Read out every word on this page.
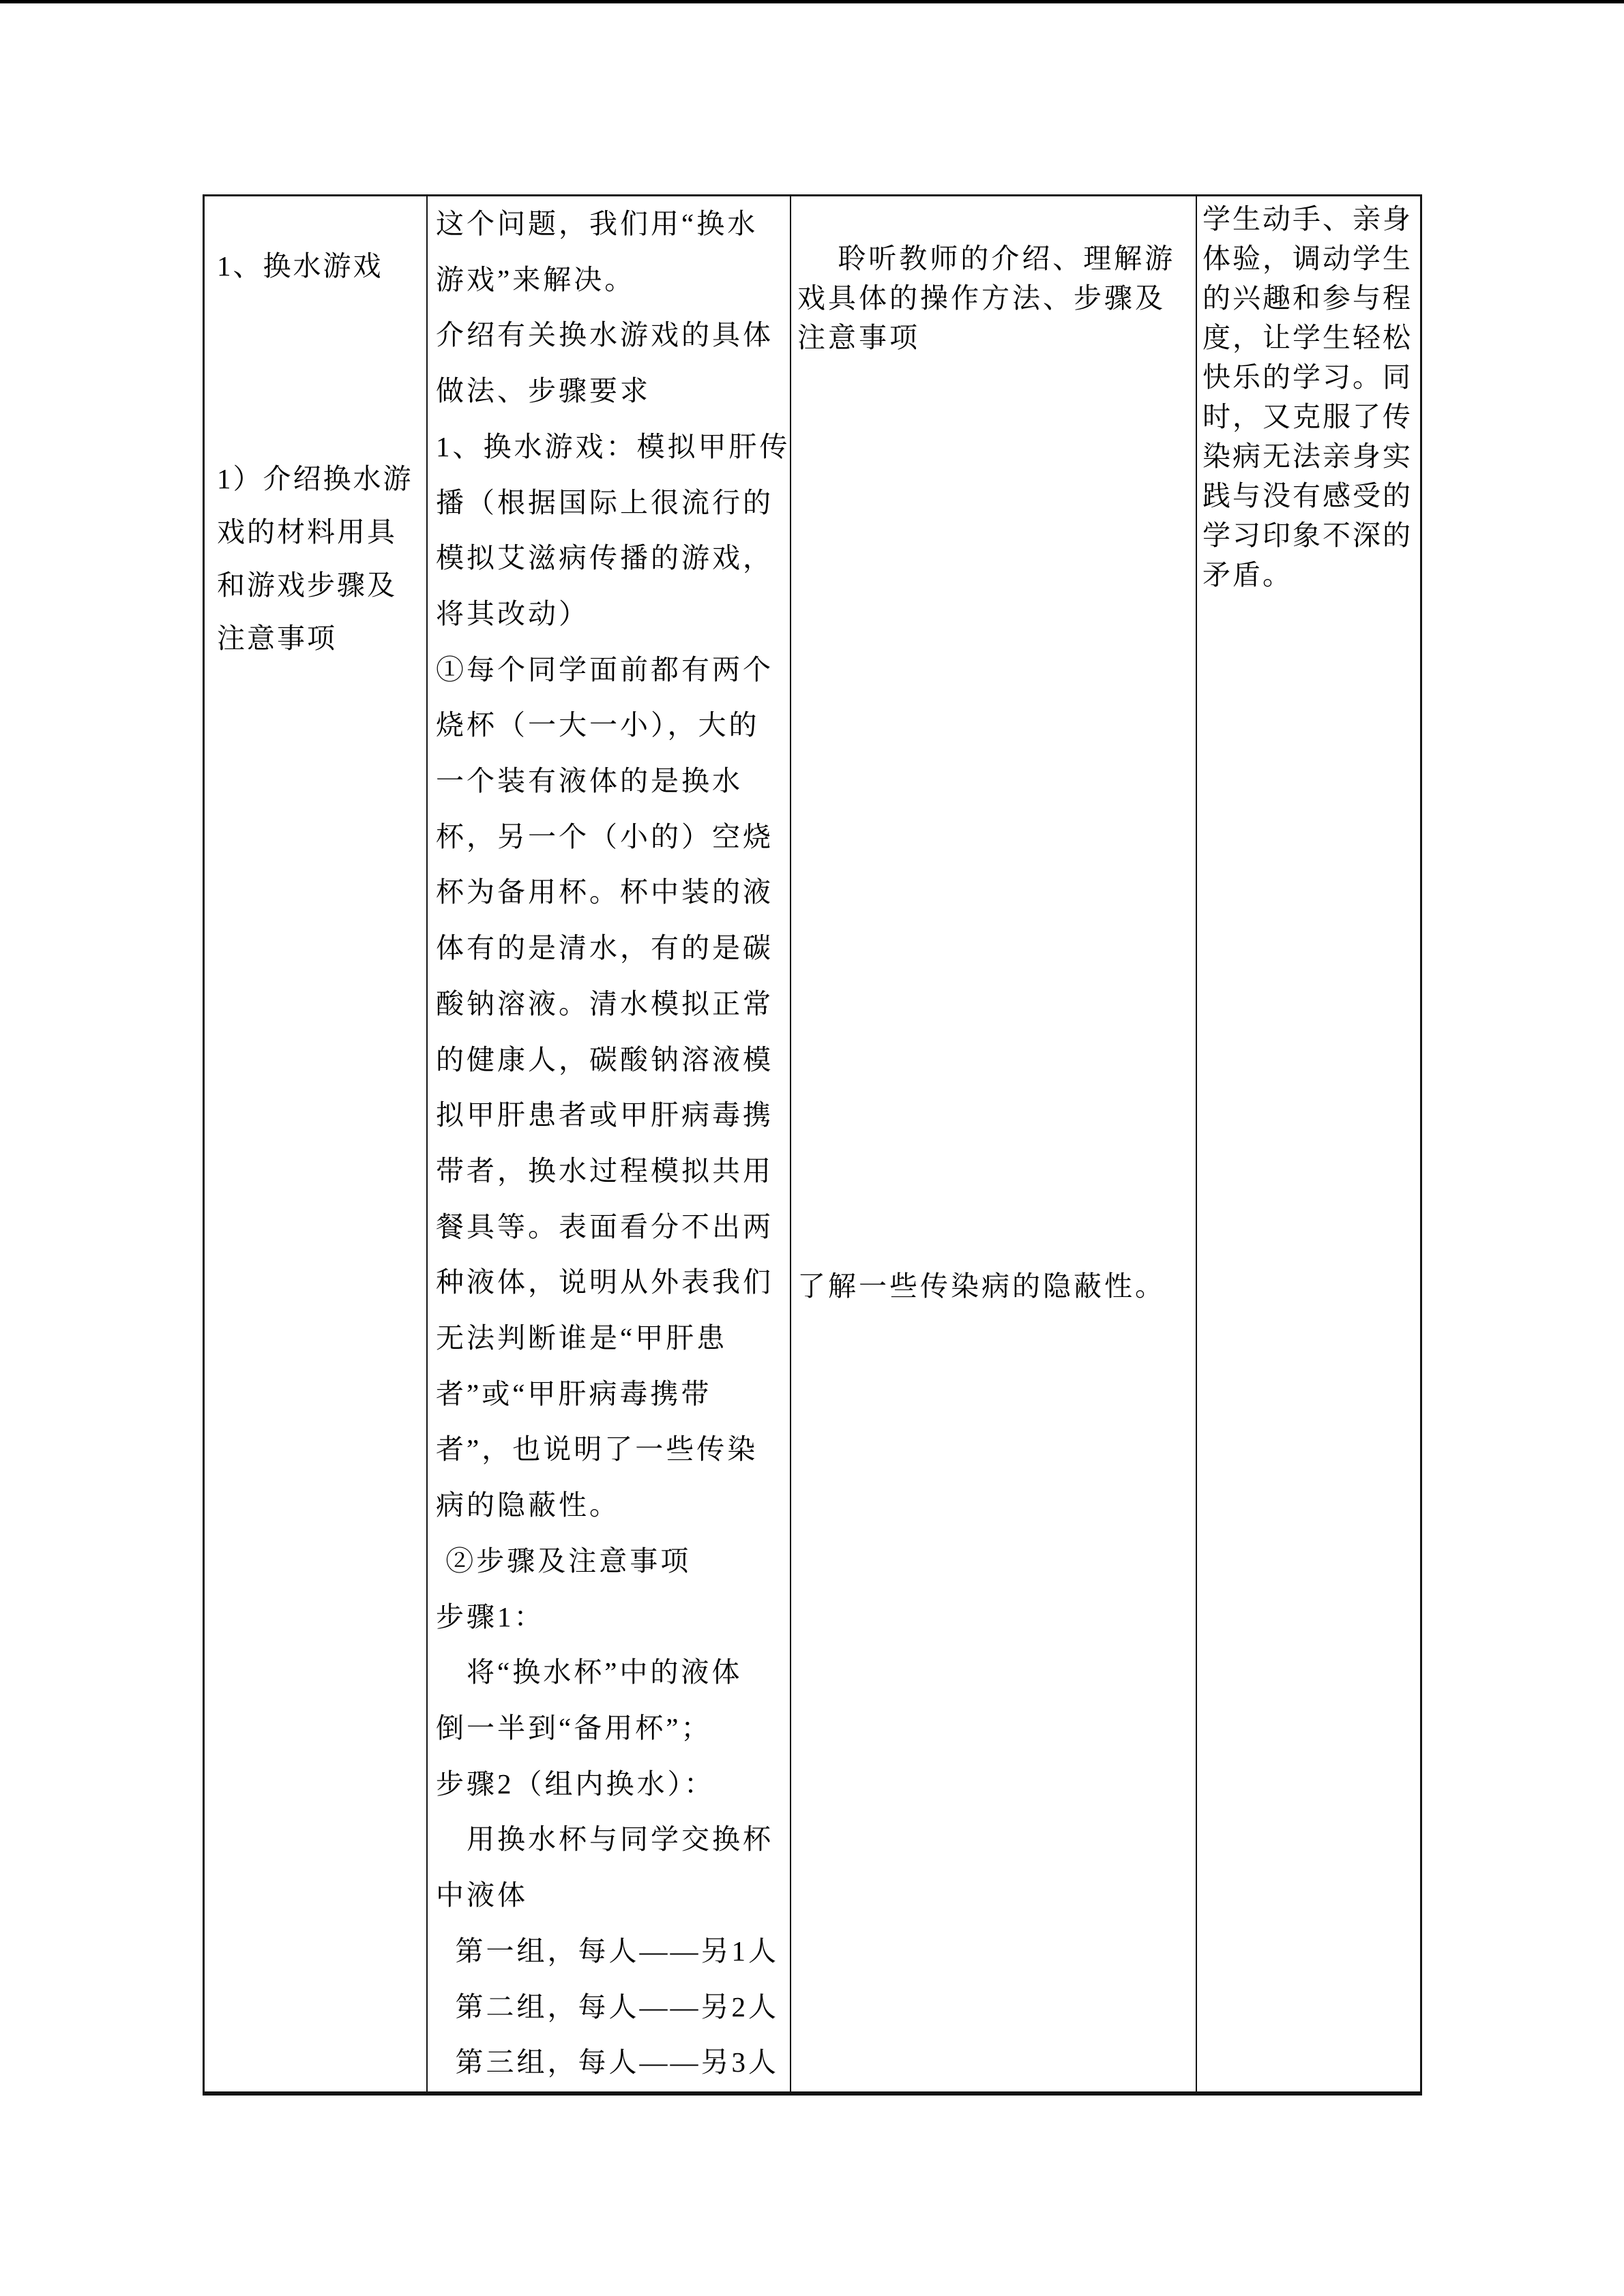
1、换水游戏
1）介绍换水游
戏的材料用具
和游戏步骤及
注意事项
这个问题，我们用“换水
游戏”来解决。
介绍有关换水游戏的具体
做法、步骤要求
1、换水游戏：模拟甲肝传
播（根据国际上很流行的
模拟艾滋病传播的游戏，
将其改动）
①每个同学面前都有两个
烧杯（一大一小），大的
一个装有液体的是换水
杯，另一个（小的）空烧
杯为备用杯。杯中装的液
体有的是清水，有的是碳
酸钠溶液。清水模拟正常
的健康人，碳酸钠溶液模
拟甲肝患者或甲肝病毒携
带者，换水过程模拟共用
餐具等。表面看分不出两
种液体，说明从外表我们
无法判断谁是“甲肝患
者”或“甲肝病毒携带
者”，也说明了一些传染
病的隐蔽性。
②步骤及注意事项
步骤1：
　将“换水杯”中的液体
倒一半到“备用杯”；
步骤2（组内换水）：
　用换水杯与同学交换杯
中液体
第一组，每人——另1人
第二组，每人——另2人
第三组，每人——另3人
　 聆听教师的介绍、理解游
戏具体的操作方法、步骤及
注意事项
了解一些传染病的隐蔽性。
学生动手、亲身
体验，调动学生
的兴趣和参与程
度，让学生轻松
快乐的学习。同
时，又克服了传
染病无法亲身实
践与没有感受的
学习印象不深的
矛盾。
